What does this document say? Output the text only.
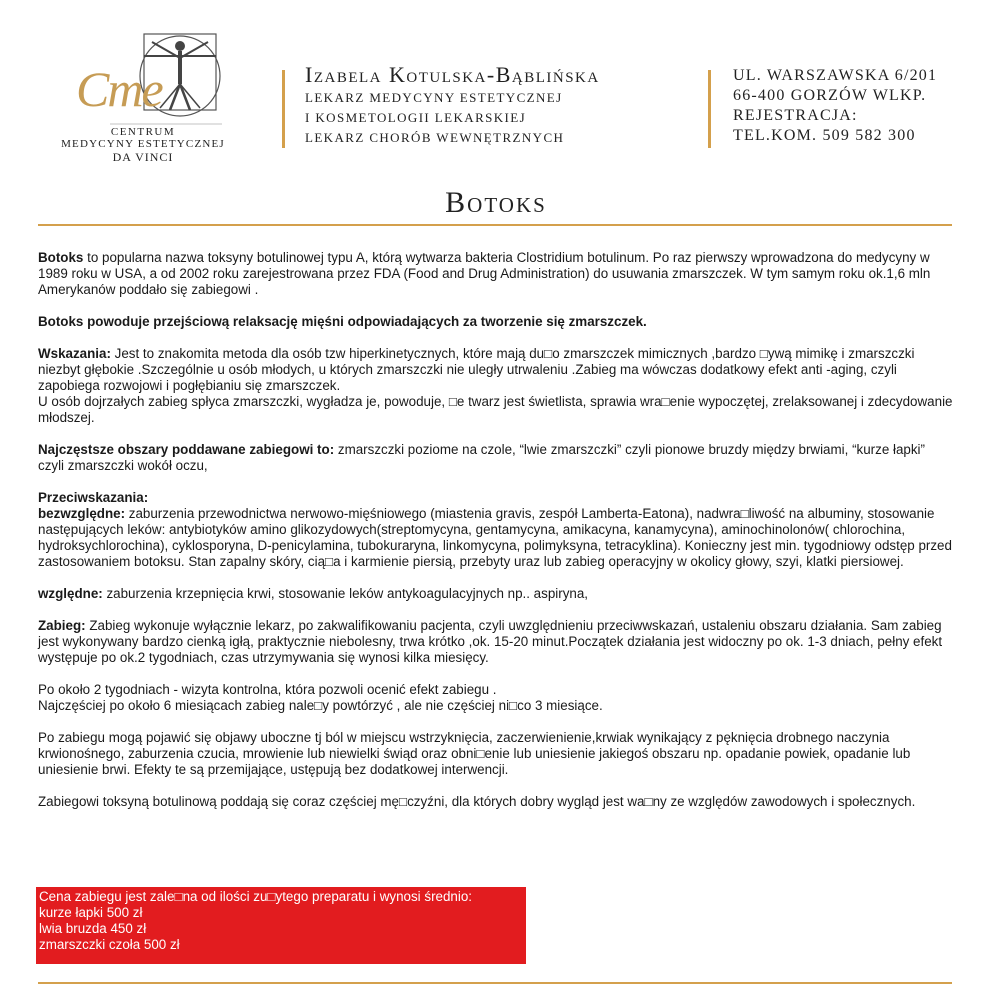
Cme
CENTRUM
MEDYCYNY ESTETYCZNEJ
DA VINCI
Izabela Kotulska-Bąblińska
LEKARZ MEDYCYNY ESTETYCZNEJ
I KOSMETOLOGII LEKARSKIEJ
LEKARZ CHORÓB WEWNĘTRZNYCH
UL. WARSZAWSKA 6/201
66-400 GORZÓW WLKP.
REJESTRACJA:
TEL.KOM. 509 582 300
Botoks

Botoks to popularna nazwa toksyny botulinowej typu A, którą wytwarza bakteria Clostridium botulinum. Po raz pierwszy wprowadzona do medycyny w 1989 roku w USA, a od 2002 roku zarejestrowana przez FDA (Food and Drug Administration) do usuwania zmarszczek. W tym samym roku ok.1,6 mln Amerykanów poddało się zabiegowi .

Botoks powoduje przejściową relaksację mięśni odpowiadających za tworzenie się zmarszczek.

Wskazania: Jest to znakomita metoda dla osób tzw hiperkinetycznych, które mają du□o zmarszczek mimicznych ,bardzo □ywą mimikę i zmarszczki niezbyt głębokie .Szczególnie u osób młodych, u których zmarszczki nie uległy utrwaleniu .Zabieg ma wówczas dodatkowy efekt anti -aging, czyli zapobiega rozwojowi i pogłębianiu się zmarszczek.
U osób dojrzałych zabieg spłyca zmarszczki, wygładza je, powoduje, □e twarz jest świetlista, sprawia wra□enie wypoczętej, zrelaksowanej i zdecydowanie młodszej.

Najczęstsze obszary poddawane zabiegowi to: zmarszczki poziome na czole, “lwie zmarszczki” czyli pionowe bruzdy między brwiami, “kurze łapki” czyli zmarszczki wokół oczu,

Przeciwskazania:
bezwzględne: zaburzenia przewodnictwa nerwowo-mięśniowego (miastenia gravis, zespół Lamberta-Eatona), nadwra□liwość na albuminy, stosowanie następujących leków: antybiotyków amino glikozydowych(streptomycyna, gentamycyna, amikacyna, kanamycyna), aminochinolonów( chlorochina, hydroksychlorochina), cyklosporyna, D-penicylamina, tubokuraryna, linkomycyna, polimyksyna, tetracyklina). Konieczny jest min. tygodniowy odstęp przed zastosowaniem botoksu. Stan zapalny skóry, cią□a i karmienie piersią, przebyty uraz lub zabieg operacyjny w okolicy głowy, szyi, klatki piersiowej.

względne: zaburzenia krzepnięcia krwi, stosowanie leków antykoagulacyjnych np.. aspiryna,

Zabieg: Zabieg wykonuje wyłącznie lekarz, po zakwalifikowaniu pacjenta, czyli uwzględnieniu przeciwwskazań, ustaleniu obszaru działania. Sam zabieg jest wykonywany bardzo cienką igłą, praktycznie niebolesny, trwa krótko ,ok. 15-20 minut.Początek działania jest widoczny po ok. 1-3 dniach, pełny efekt występuje po ok.2 tygodniach, czas utrzymywania się wynosi kilka miesięcy.

Po około 2 tygodniach - wizyta kontrolna, która pozwoli ocenić efekt zabiegu .
Najczęściej po około 6 miesiącach zabieg nale□y powtórzyć , ale nie częściej ni□co 3 miesiące.

Po zabiegu mogą pojawić się objawy uboczne tj ból w miejscu wstrzyknięcia, zaczerwienienie,krwiak wynikający z pęknięcia drobnego naczynia krwionośnego, zaburzenia czucia, mrowienie lub niewielki świąd oraz obni□enie lub uniesienie jakiegoś obszaru np. opadanie powiek, opadanie lub uniesienie brwi. Efekty te są przemijające, ustępują bez dodatkowej interwencji.

Zabiegowi toksyną botulinową poddają się coraz częściej mę□czyźni, dla których dobry wygląd jest wa□ny ze względów zawodowych i społecznych.

Cena zabiegu jest zale□na od ilości zu□ytego preparatu i wynosi średnio:
kurze łapki 500 zł
lwia bruzda 450 zł
zmarszczki czoła 500 zł
